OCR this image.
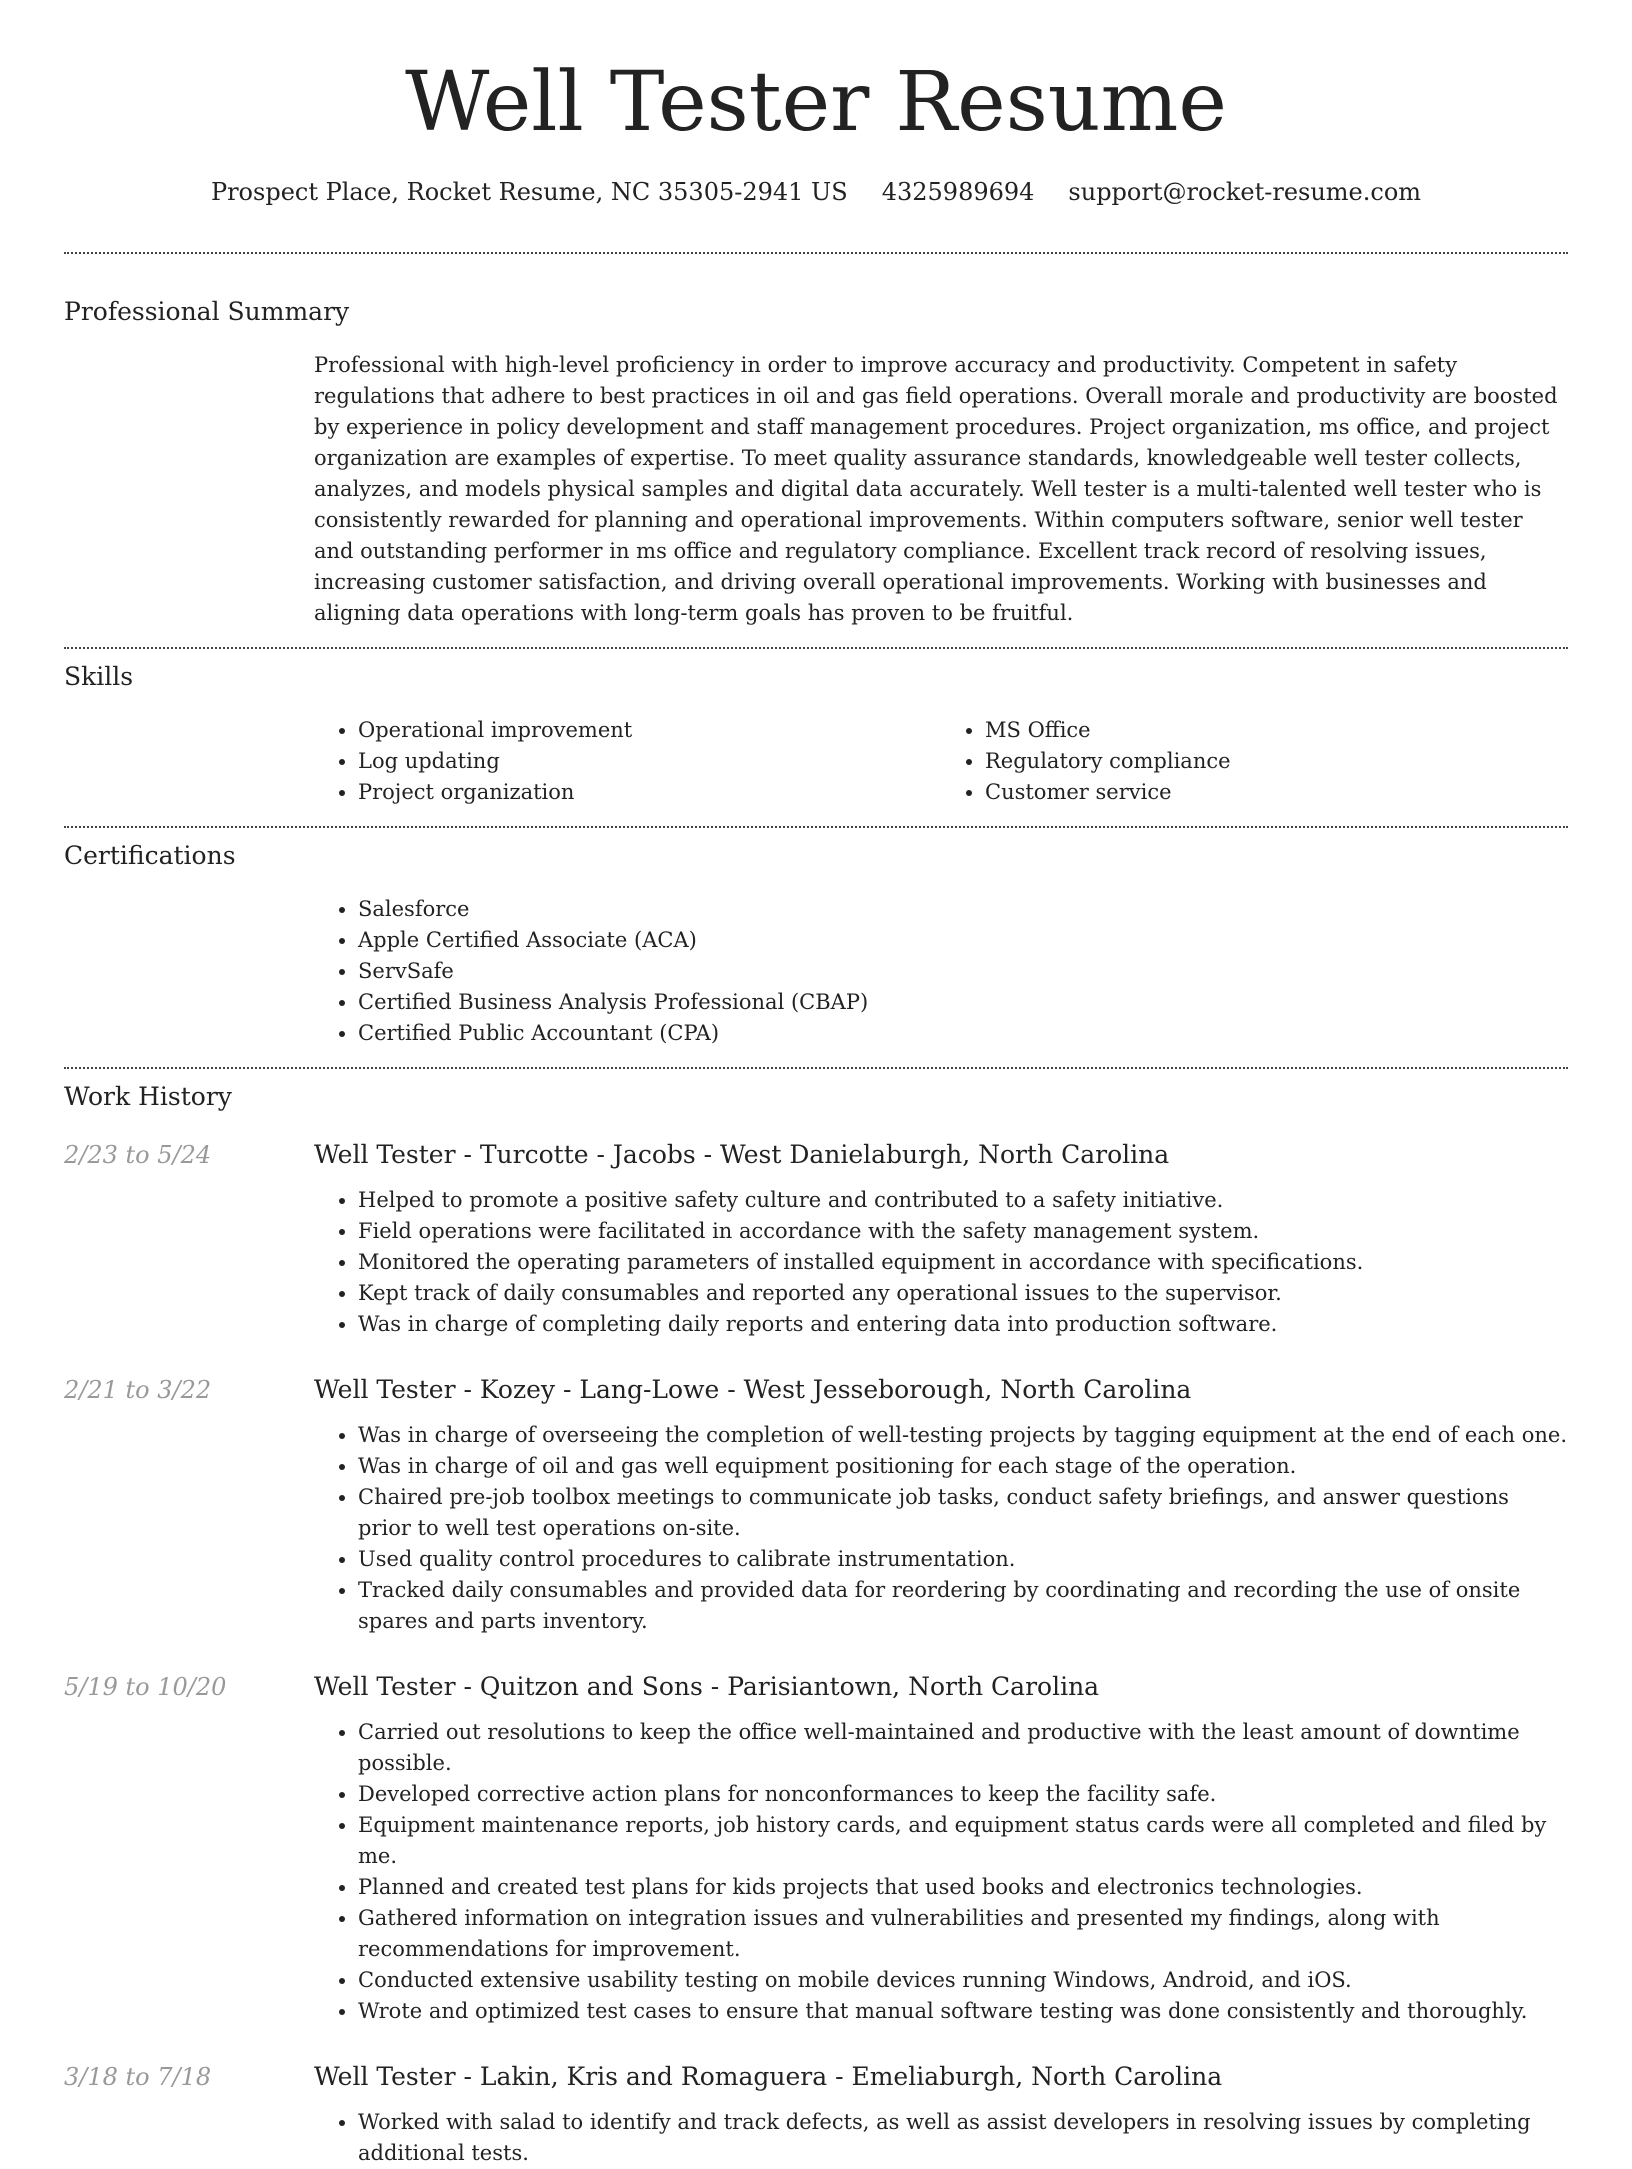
Well Tester Resume
Prospect Place, Rocket Resume, NC 35305-2941 US 4325989694 support@rocket-resume.com
Professional Summary

Professional with high-level proficiency in order to improve accuracy and productivity. Competent in safety regulations that adhere to best practices in oil and gas field operations. Overall morale and productivity are boosted by experience in policy development and staff management procedures. Project organization, ms office, and project organization are examples of expertise. To meet quality assurance standards, knowledgeable well tester collects, analyzes, and models physical samples and digital data accurately. Well tester is a multi-talented well tester who is consistently rewarded for planning and operational improvements. Within computers software, senior well tester and outstanding performer in ms office and regulatory compliance. Excellent track record of resolving issues, increasing customer satisfaction, and driving overall operational improvements. Working with businesses and aligning data operations with long-term goals has proven to be fruitful.

Skills
• Operational improvement
• Log updating
• Project organization
• MS Office
• Regulatory compliance
• Customer service
Certifications
• Salesforce
• Apple Certified Associate (ACA)
• ServSafe
• Certified Business Analysis Professional (CBAP)
• Certified Public Accountant (CPA)
Work History
2/23 to 5/24	Well Tester - Turcotte - Jacobs - West Danielaburgh, North Carolina
• Helped to promote a positive safety culture and contributed to a safety initiative.
• Field operations were facilitated in accordance with the safety management system.
• Monitored the operating parameters of installed equipment in accordance with specifications.
• Kept track of daily consumables and reported any operational issues to the supervisor.
• Was in charge of completing daily reports and entering data into production software.
2/21 to 3/22	Well Tester - Kozey - Lang-Lowe - West Jesseborough, North Carolina
• Was in charge of overseeing the completion of well-testing projects by tagging equipment at the end of each one.
• Was in charge of oil and gas well equipment positioning for each stage of the operation.
• Chaired pre-job toolbox meetings to communicate job tasks, conduct safety briefings, and answer questions prior to well test operations on-site.
• Used quality control procedures to calibrate instrumentation.
• Tracked daily consumables and provided data for reordering by coordinating and recording the use of onsite spares and parts inventory.
5/19 to 10/20	Well Tester - Quitzon and Sons - Parisiantown, North Carolina
• Carried out resolutions to keep the office well-maintained and productive with the least amount of downtime possible.
• Developed corrective action plans for nonconformances to keep the facility safe.
• Equipment maintenance reports, job history cards, and equipment status cards were all completed and filed by me.
• Planned and created test plans for kids projects that used books and electronics technologies.
• Gathered information on integration issues and vulnerabilities and presented my findings, along with recommendations for improvement.
• Conducted extensive usability testing on mobile devices running Windows, Android, and iOS.
• Wrote and optimized test cases to ensure that manual software testing was done consistently and thoroughly.
3/18 to 7/18	Well Tester - Lakin, Kris and Romaguera - Emeliaburgh, North Carolina
• Worked with salad to identify and track defects, as well as assist developers in resolving issues by completing additional tests.
